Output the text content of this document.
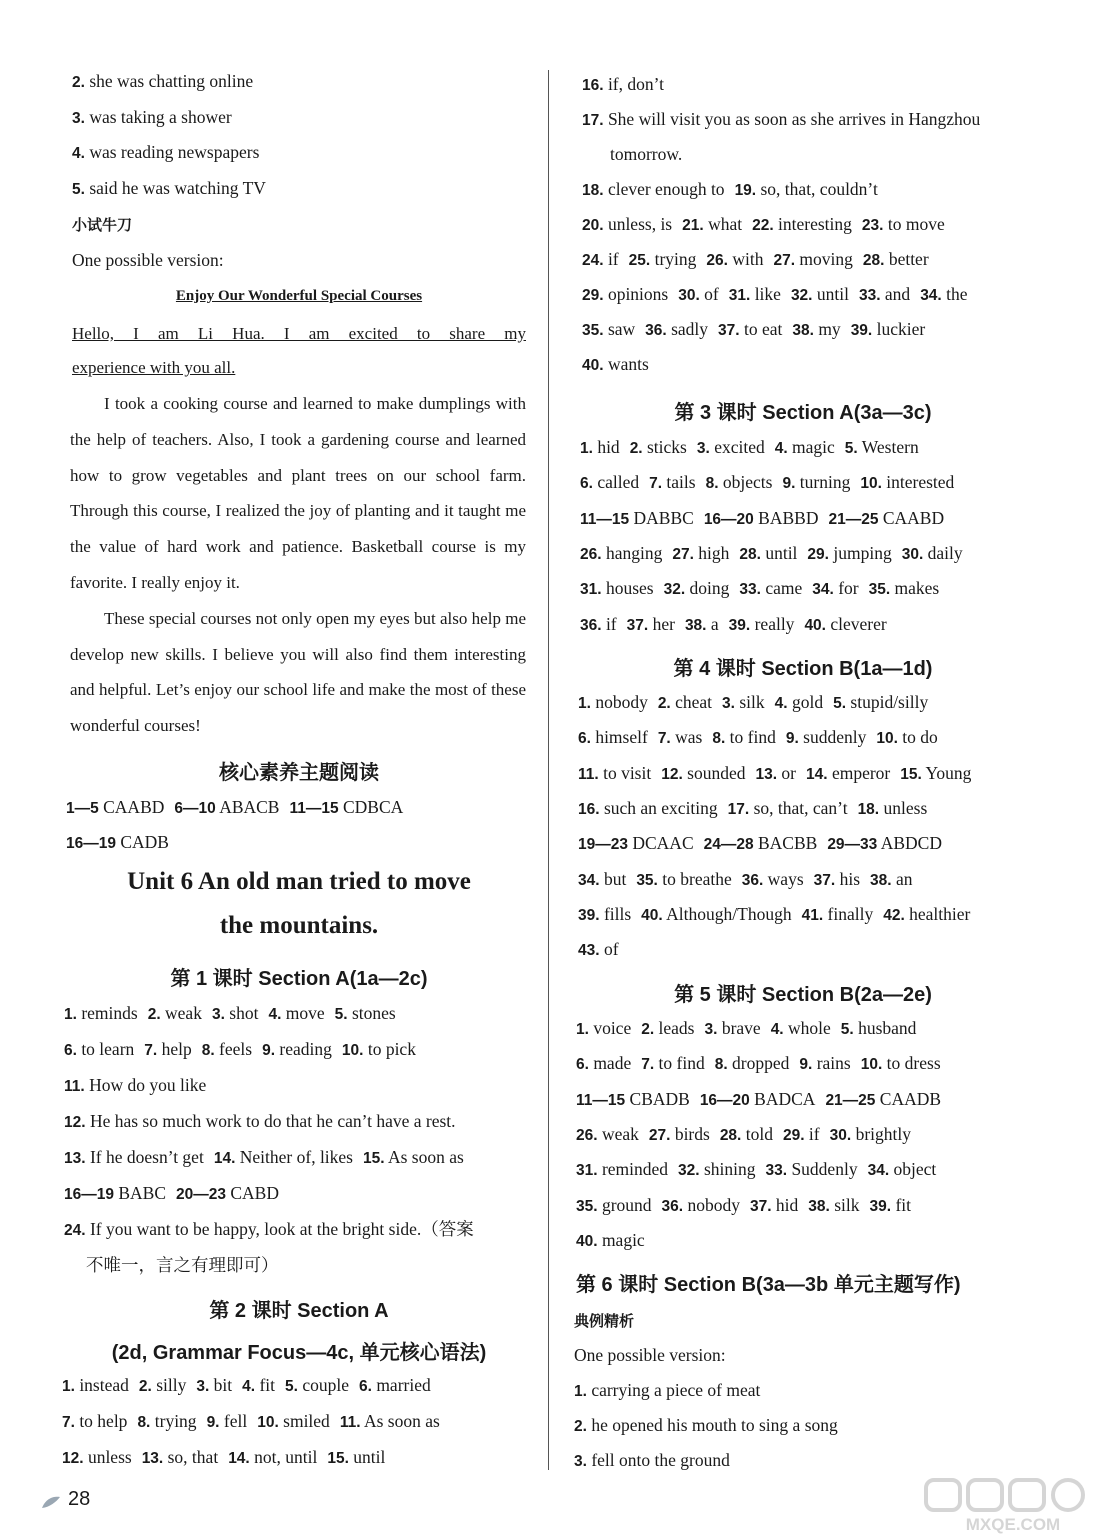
2. she was chatting online
3. was taking a shower
4. was reading newspapers
5. said he was watching TV
小试牛刀
One possible version:
Enjoy Our Wonderful Special Courses
Hello, I am Li Hua. I am excited to share my
experience with you all.
I took a cooking course and learned to make dumplings with the help of teachers. Also, I took a gardening course and learned how to grow vegetables and plant trees on our school farm. Through this course, I realized the joy of planting and it taught me the value of hard work and patience. Basketball course is my favorite. I really enjoy it.
These special courses not only open my eyes but also help me develop new skills. I believe you will also find them interesting and helpful. Let’s enjoy our school life and make the most of these wonderful courses!
核心素养主题阅读
1—5 CAABD 6—10 ABACB 11—15 CDBCA
16—19 CADB
Unit 6 An old man tried to move
the mountains.
第 1 课时 Section A(1a—2c)
1. reminds 2. weak 3. shot 4. move 5. stones
6. to learn 7. help 8. feels 9. reading 10. to pick
11. How do you like
12. He has so much work to do that he can’t have a rest.
13. If he doesn’t get 14. Neither of, likes 15. As soon as
16—19 BABC 20—23 CABD
24. If you want to be happy, look at the bright side.（答案
不唯一，言之有理即可）
第 2 课时 Section A
(2d, Grammar Focus—4c, 单元核心语法)
1. instead 2. silly 3. bit 4. fit 5. couple 6. married
7. to help 8. trying 9. fell 10. smiled 11. As soon as
12. unless 13. so, that 14. not, until 15. until
16. if, don’t
17. She will visit you as soon as she arrives in Hangzhou
tomorrow.
18. clever enough to 19. so, that, couldn’t
20. unless, is 21. what 22. interesting 23. to move
24. if 25. trying 26. with 27. moving 28. better
29. opinions 30. of 31. like 32. until 33. and 34. the
35. saw 36. sadly 37. to eat 38. my 39. luckier
40. wants
第 3 课时 Section A(3a—3c)
1. hid 2. sticks 3. excited 4. magic 5. Western
6. called 7. tails 8. objects 9. turning 10. interested
11—15 DABBC 16—20 BABBD 21—25 CAABD
26. hanging 27. high 28. until 29. jumping 30. daily
31. houses 32. doing 33. came 34. for 35. makes
36. if 37. her 38. a 39. really 40. cleverer
第 4 课时 Section B(1a—1d)
1. nobody 2. cheat 3. silk 4. gold 5. stupid/silly
6. himself 7. was 8. to find 9. suddenly 10. to do
11. to visit 12. sounded 13. or 14. emperor 15. Young
16. such an exciting 17. so, that, can’t 18. unless
19—23 DCAAC 24—28 BACBB 29—33 ABDCD
34. but 35. to breathe 36. ways 37. his 38. an
39. fills 40. Although/Though 41. finally 42. healthier
43. of
第 5 课时 Section B(2a—2e)
1. voice 2. leads 3. brave 4. whole 5. husband
6. made 7. to find 8. dropped 9. rains 10. to dress
11—15 CBADB 16—20 BADCA 21—25 CAADB
26. weak 27. birds 28. told 29. if 30. brightly
31. reminded 32. shining 33. Suddenly 34. object
35. ground 36. nobody 37. hid 38. silk 39. fit
40. magic
第 6 课时 Section B(3a—3b 单元主题写作)
典例精析
One possible version:
1. carrying a piece of meat
2. he opened his mouth to sing a song
3. fell onto the ground
28
MXQE.COM
